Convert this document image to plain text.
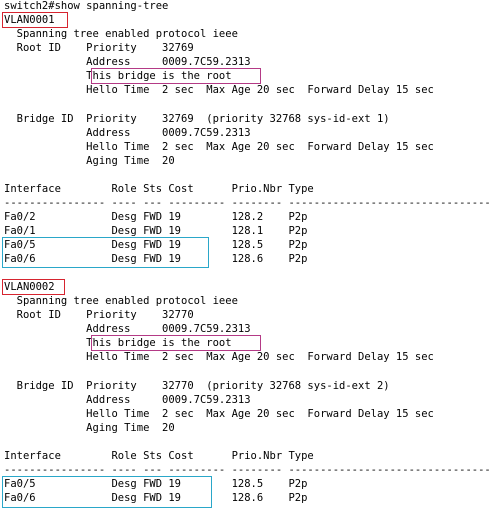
switch2#show spanning-tree
VLAN0001
Spanning tree enabled protocol ieee
Root ID    Priority    32769
Address     0009.7C59.2313
This bridge is the root
Hello Time  2 sec  Max Age 20 sec  Forward Delay 15 sec
Bridge ID  Priority    32769  (priority 32768 sys-id-ext 1)
Address     0009.7C59.2313
Hello Time  2 sec  Max Age 20 sec  Forward Delay 15 sec
Aging Time  20
Interface        Role Sts Cost      Prio.Nbr Type
---------------- ---- --- --------- -------- --------------------------------
Fa0/2            Desg FWD 19        128.2    P2p
Fa0/1            Desg FWD 19        128.1    P2p
Fa0/5            Desg FWD 19        128.5    P2p
Fa0/6            Desg FWD 19        128.6    P2p
VLAN0002
Spanning tree enabled protocol ieee
Root ID    Priority    32770
Address     0009.7C59.2313
This bridge is the root
Hello Time  2 sec  Max Age 20 sec  Forward Delay 15 sec
Bridge ID  Priority    32770  (priority 32768 sys-id-ext 2)
Address     0009.7C59.2313
Hello Time  2 sec  Max Age 20 sec  Forward Delay 15 sec
Aging Time  20
Interface        Role Sts Cost      Prio.Nbr Type
---------------- ---- --- --------- -------- --------------------------------
Fa0/5            Desg FWD 19        128.5    P2p
Fa0/6            Desg FWD 19        128.6    P2p
